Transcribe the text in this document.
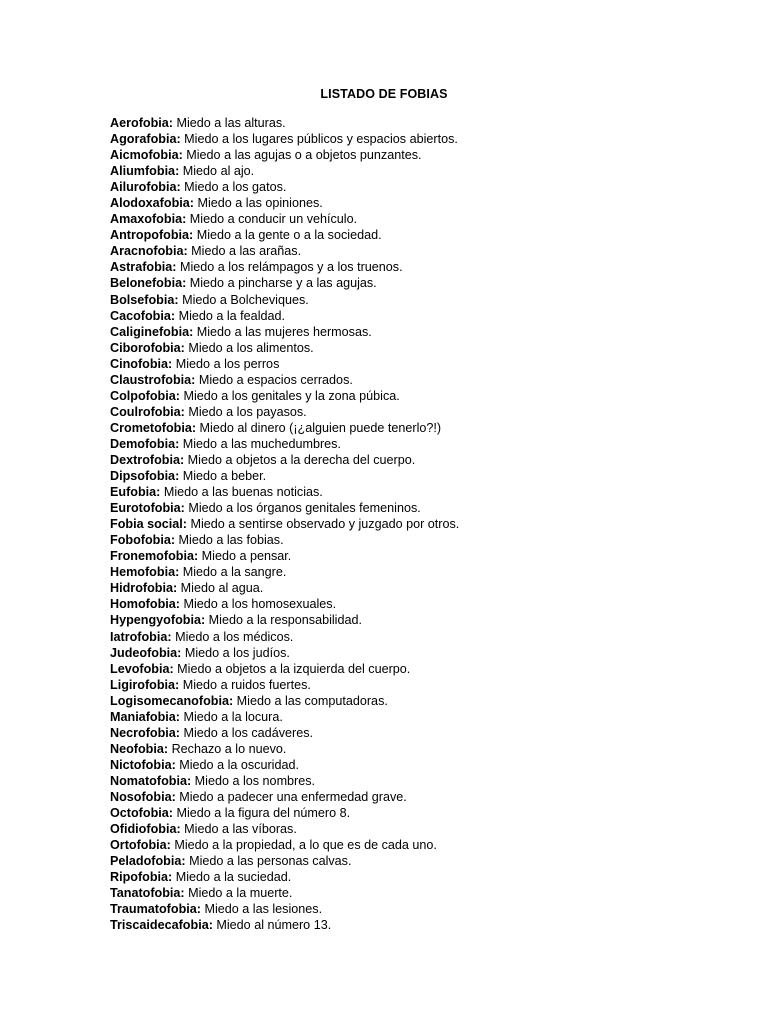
LISTADO DE FOBIAS
Aerofobia: Miedo a las alturas.
Agorafobia: Miedo a los lugares públicos y espacios abiertos.
Aicmofobia: Miedo a las agujas o a objetos punzantes.
Aliumfobia: Miedo al ajo.
Ailurofobia: Miedo a los gatos.
Alodoxafobia: Miedo a las opiniones.
Amaxofobia: Miedo a conducir un vehículo.
Antropofobia: Miedo a la gente o a la sociedad.
Aracnofobia: Miedo a las arañas.
Astrafobia: Miedo a los relámpagos y a los truenos.
Belonefobia: Miedo a pincharse y a las agujas.
Bolsefobia: Miedo a Bolcheviques.
Cacofobia: Miedo a la fealdad.
Caliginefobia: Miedo a las mujeres hermosas.
Ciborofobia: Miedo a los alimentos.
Cinofobia: Miedo a los perros
Claustrofobia: Miedo a espacios cerrados.
Colpofobia: Miedo a los genitales y la zona púbica.
Coulrofobia: Miedo a los payasos.
Crometofobia: Miedo al dinero (¡¿alguien puede tenerlo?!)
Demofobia: Miedo a las muchedumbres.
Dextrofobia: Miedo a objetos a la derecha del cuerpo.
Dipsofobia: Miedo a beber.
Eufobia: Miedo a las buenas noticias.
Eurotofobia: Miedo a los órganos genitales femeninos.
Fobia social: Miedo a sentirse observado y juzgado por otros.
Fobofobia: Miedo a las fobias.
Fronemofobia: Miedo a pensar.
Hemofobia: Miedo a la sangre.
Hidrofobia: Miedo al agua.
Homofobia: Miedo a los homosexuales.
Hypengyofobia: Miedo a la responsabilidad.
Iatrofobia: Miedo a los médicos.
Judeofobia: Miedo a los judíos.
Levofobia: Miedo a objetos a la izquierda del cuerpo.
Ligirofobia: Miedo a ruidos fuertes.
Logisomecanofobia: Miedo a las computadoras.
Maniafobia: Miedo a la locura.
Necrofobia: Miedo a los cadáveres.
Neofobia: Rechazo a lo nuevo.
Nictofobia: Miedo a la oscuridad.
Nomatofobia: Miedo a los nombres.
Nosofobia: Miedo a padecer una enfermedad grave.
Octofobia: Miedo a la figura del número 8.
Ofidiofobia: Miedo a las víboras.
Ortofobia: Miedo a la propiedad, a lo que es de cada uno.
Peladofobia: Miedo a las personas calvas.
Ripofobia: Miedo a la suciedad.
Tanatofobia: Miedo a la muerte.
Traumatofobia: Miedo a las lesiones.
Triscaidecafobia: Miedo al número 13.
